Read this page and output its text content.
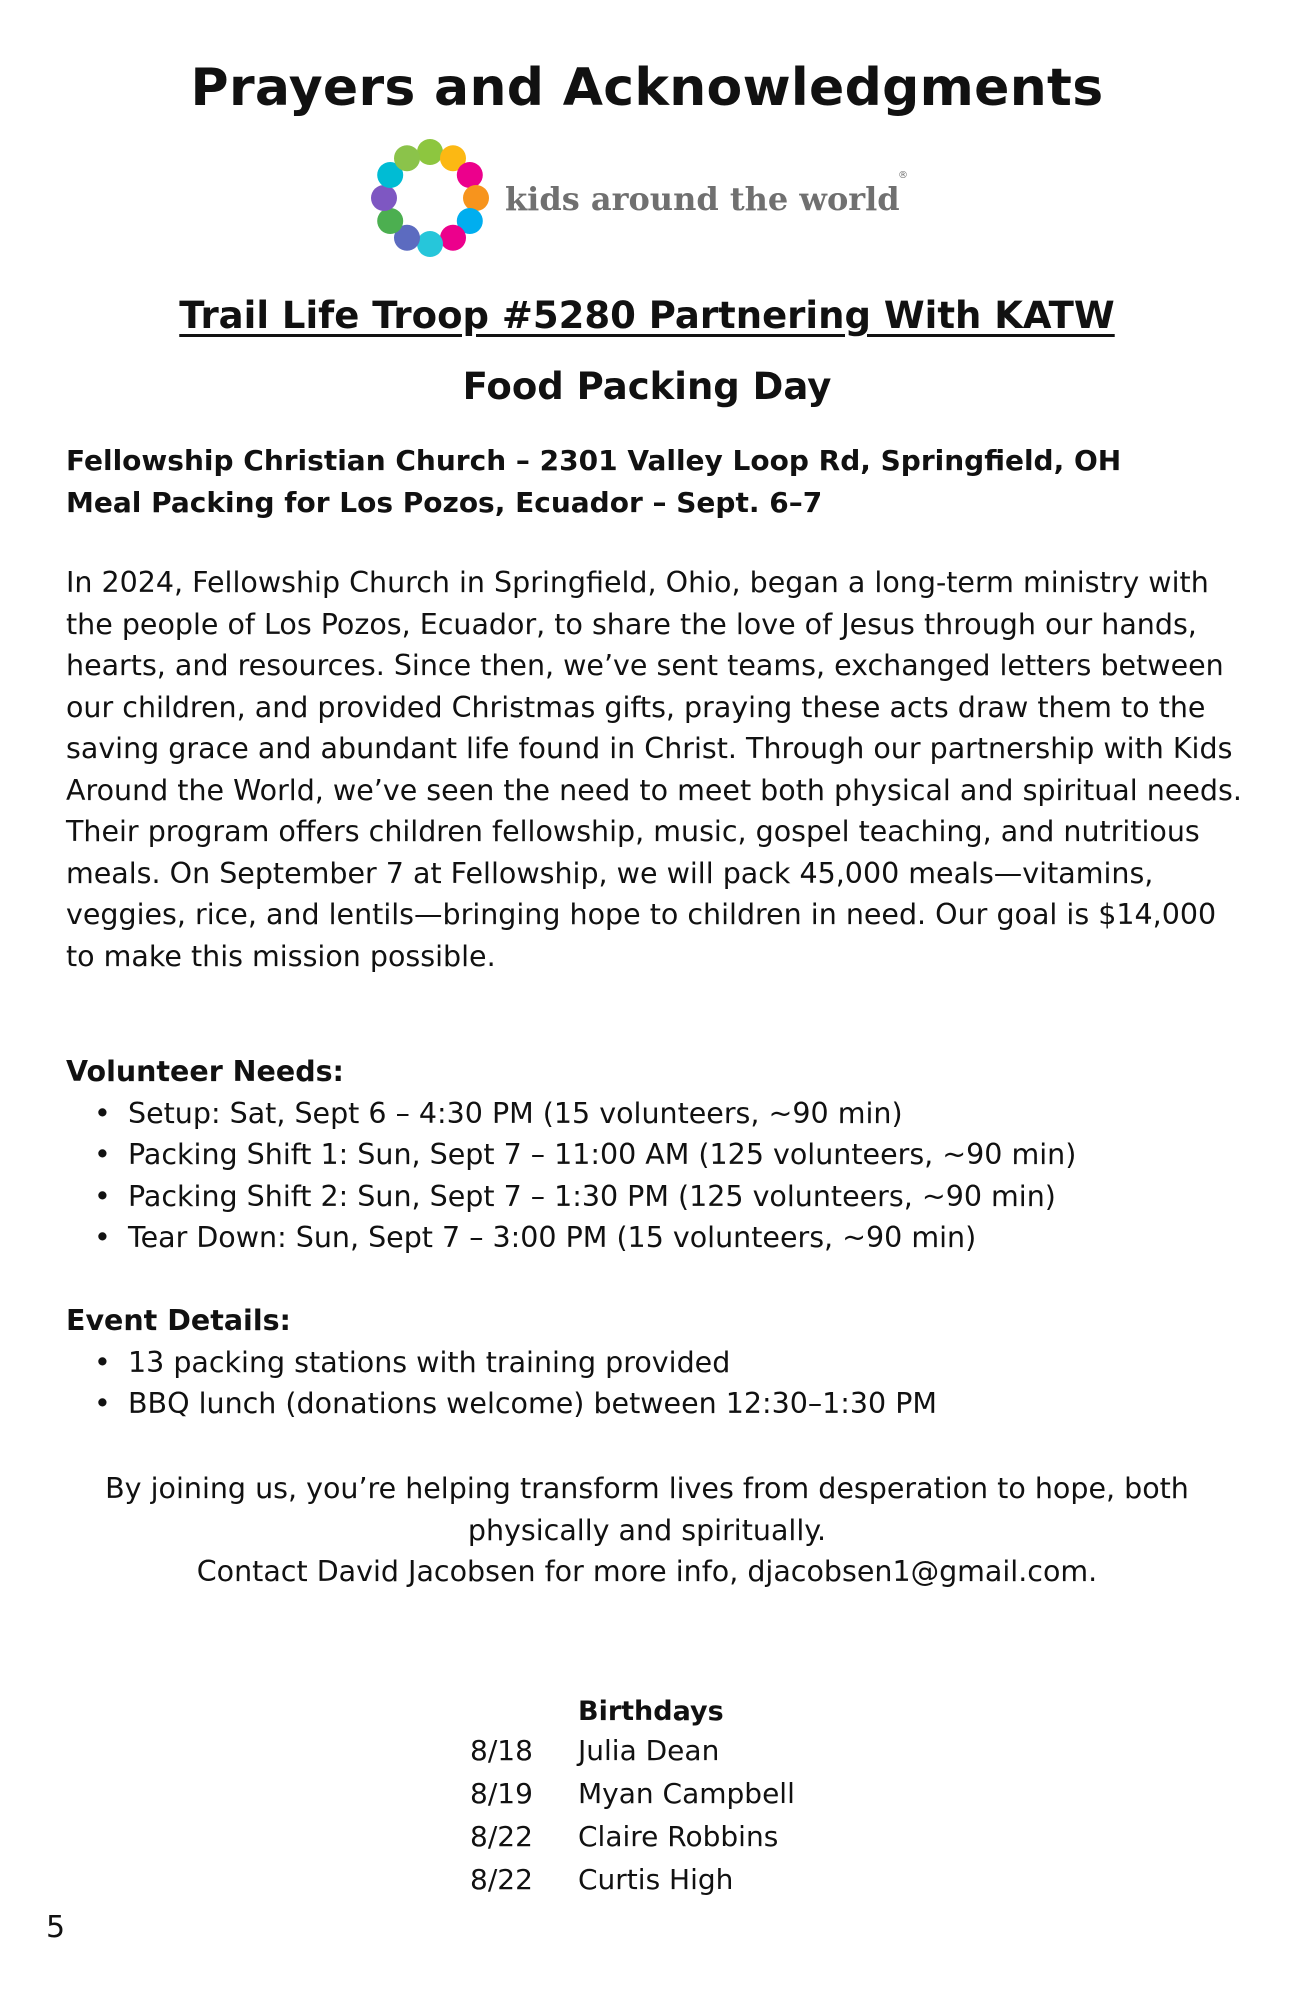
Prayers and Acknowledgments
kids around the world
®
Trail Life Troop #5280 Partnering With KATW
Food Packing Day
Fellowship Christian Church – 2301 Valley Loop Rd, Springfield, OH
Meal Packing for Los Pozos, Ecuador – Sept. 6–7

In 2024, Fellowship Church in Springfield, Ohio, began a long-term ministry with the people of Los Pozos, Ecuador, to share the love of Jesus through our hands, hearts, and resources. Since then, we’ve sent teams, exchanged letters between our children, and provided Christmas gifts, praying these acts draw them to the saving grace and abundant life found in Christ. Through our partnership with Kids Around the World, we’ve seen the need to meet both physical and spiritual needs. Their program offers children fellowship, music, gospel teaching, and nutritious meals. On September 7 at Fellowship, we will pack 45,000 meals—vitamins, veggies, rice, and lentils—bringing hope to children in need. Our goal is $14,000 to make this mission possible.

Volunteer Needs:
• Setup: Sat, Sept 6 – 4:30 PM (15 volunteers, ~90 min)
• Packing Shift 1: Sun, Sept 7 – 11:00 AM (125 volunteers, ~90 min)
• Packing Shift 2: Sun, Sept 7 – 1:30 PM (125 volunteers, ~90 min)
• Tear Down: Sun, Sept 7 – 3:00 PM (15 volunteers, ~90 min)
Event Details:
• 13 packing stations with training provided
• BBQ lunch (donations welcome) between 12:30–1:30 PM
By joining us, you’re helping transform lives from desperation to hope, both physically and spiritually.
Contact David Jacobsen for more info, djacobsen1@gmail.com.
Birthdays
8/18	Julia Dean
8/19	Myan Campbell
8/22	Claire Robbins
8/22	Curtis High
5
